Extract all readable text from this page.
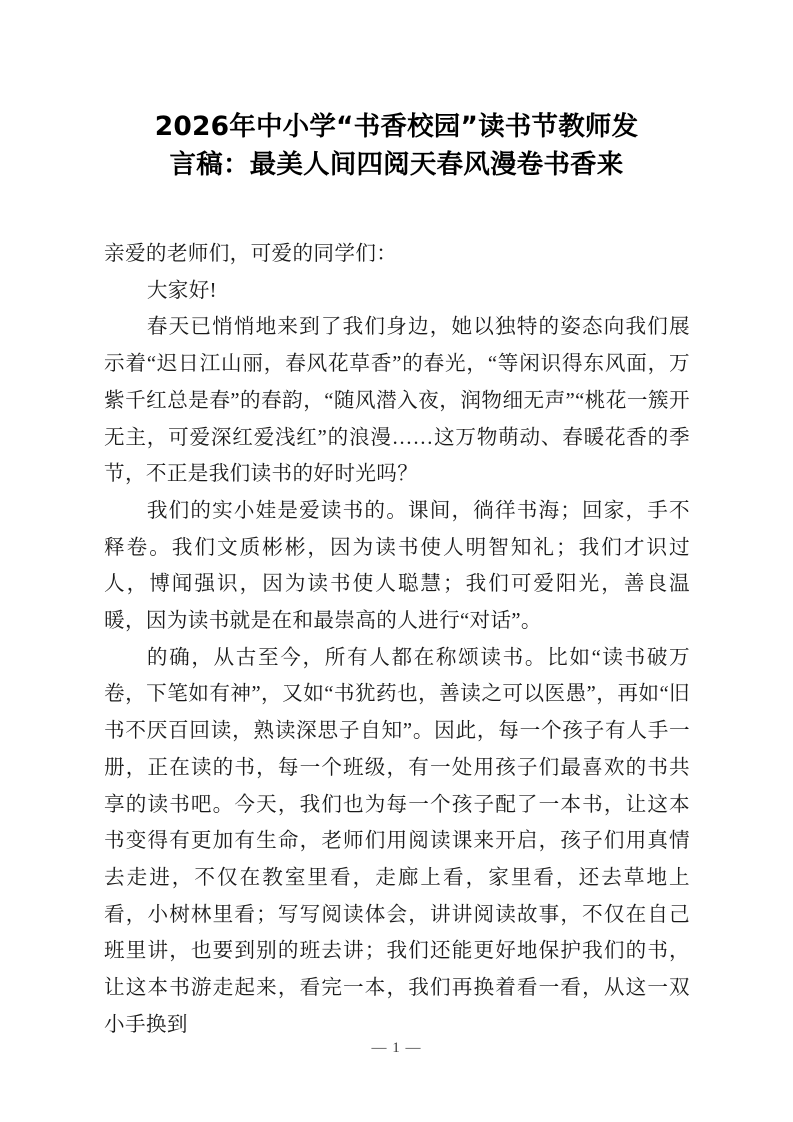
2026年中小学“书香校园”读书节教师发
言稿：最美人间四阅天春风漫卷书香来

亲爱的老师们，可爱的同学们：

大家好!

春天已悄悄地来到了我们身边，她以独特的姿态向我们展示着“迟日江山丽，春风花草香”的春光，“等闲识得东风面，万紫千红总是春”的春韵，“随风潜入夜，润物细无声”“桃花一簇开无主，可爱深红爱浅红”的浪漫……这万物萌动、春暖花香的季节，不正是我们读书的好时光吗？

我们的实小娃是爱读书的。课间，徜徉书海；回家，手不释卷。我们文质彬彬，因为读书使人明智知礼；我们才识过人，博闻强识，因为读书使人聪慧；我们可爱阳光，善良温暖，因为读书就是在和最崇高的人进行“对话”。

的确，从古至今，所有人都在称颂读书。比如“读书破万卷，下笔如有神”，又如“书犹药也，善读之可以医愚”，再如“旧书不厌百回读，熟读深思子自知”。因此，每一个孩子有人手一册，正在读的书，每一个班级，有一处用孩子们最喜欢的书共享的读书吧。今天，我们也为每一个孩子配了一本书，让这本书变得有更加有生命，老师们用阅读课来开启，孩子们用真情去走进，不仅在教室里看，走廊上看，家里看，还去草地上看，小树林里看；写写阅读体会，讲讲阅读故事，不仅在自己班里讲，也要到别的班去讲；我们还能更好地保护我们的书，让这本书游走起来，看完一本，我们再换着看一看，从这一双小手换到

— 1 —
